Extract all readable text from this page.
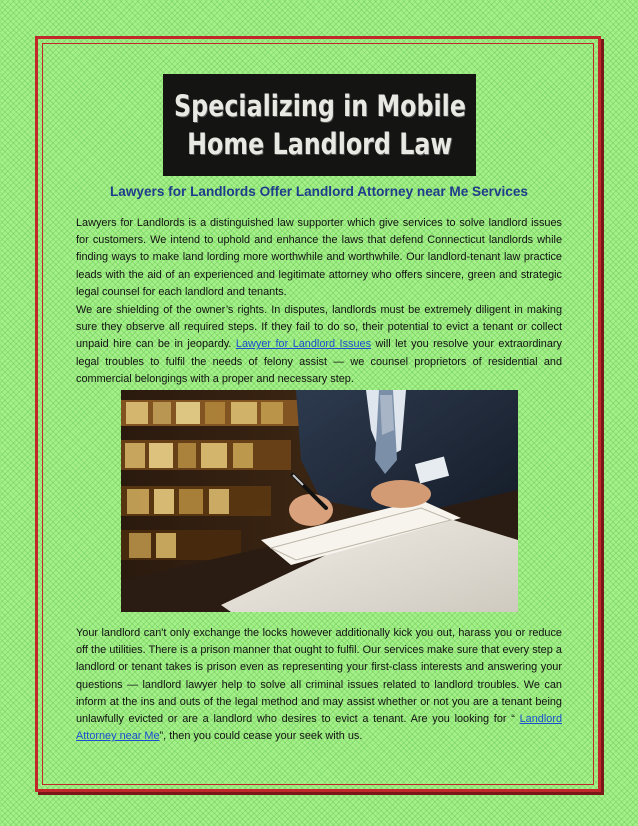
Specializing in Mobile
Home Landlord Law
Lawyers for Landlords Offer Landlord Attorney near Me Services

Lawyers for Landlords is a distinguished law supporter which give services to solve landlord issues for customers. We intend to uphold and enhance the laws that defend Connecticut landlords while finding ways to make land lording more worthwhile and worthwhile. Our landlord-tenant law practice leads with the aid of an experienced and legitimate attorney who offers sincere, green and strategic legal counsel for each landlord and tenants.

We are shielding of the owner’s rights. In disputes, landlords must be extremely diligent in making sure they observe all required steps. If they fail to do so, their potential to evict a tenant or collect unpaid hire can be in jeopardy. Lawyer for Landlord Issues will let you resolve your extraordinary legal troubles to fulfil the needs of felony assist — we counsel proprietors of residential and commercial belongings with a proper and necessary step.

Your landlord can't only exchange the locks however additionally kick you out, harass you or reduce off the utilities. There is a prison manner that ought to fulfil. Our services make sure that every step a landlord or tenant takes is prison even as representing your first-class interests and answering your questions — landlord lawyer help to solve all criminal issues related to landlord troubles. We can inform at the ins and outs of the legal method and may assist whether or not you are a tenant being unlawfully evicted or are a landlord who desires to evict a tenant. Are you looking for “ Landlord Attorney near Me”, then you could cease your seek with us.
